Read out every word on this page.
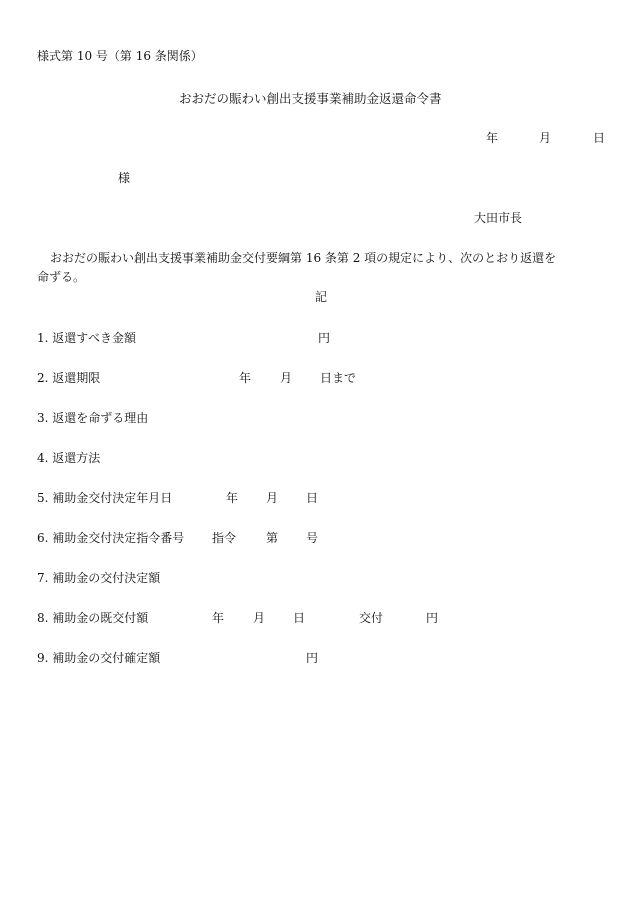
様式第 10 号（第 16 条関係）
おおだの賑わい創出支援事業補助金返還命令書
年	月	日
様
大田市長
おおだの賑わい創出支援事業補助金交付要綱第 16 条第 2 項の規定により、次のとおり返還を
命ずる。
記
1. 返還すべき金額	円
2. 返還期限	年 月 日まで
3. 返還を命ずる理由
4. 返還方法
5. 補助金交付決定年月日	年 月 日
6. 補助金交付決定指令番号 指令 第 号
7. 補助金の交付決定額
8. 補助金の既交付額	年 月 日	交付	円
9. 補助金の交付確定額	円
